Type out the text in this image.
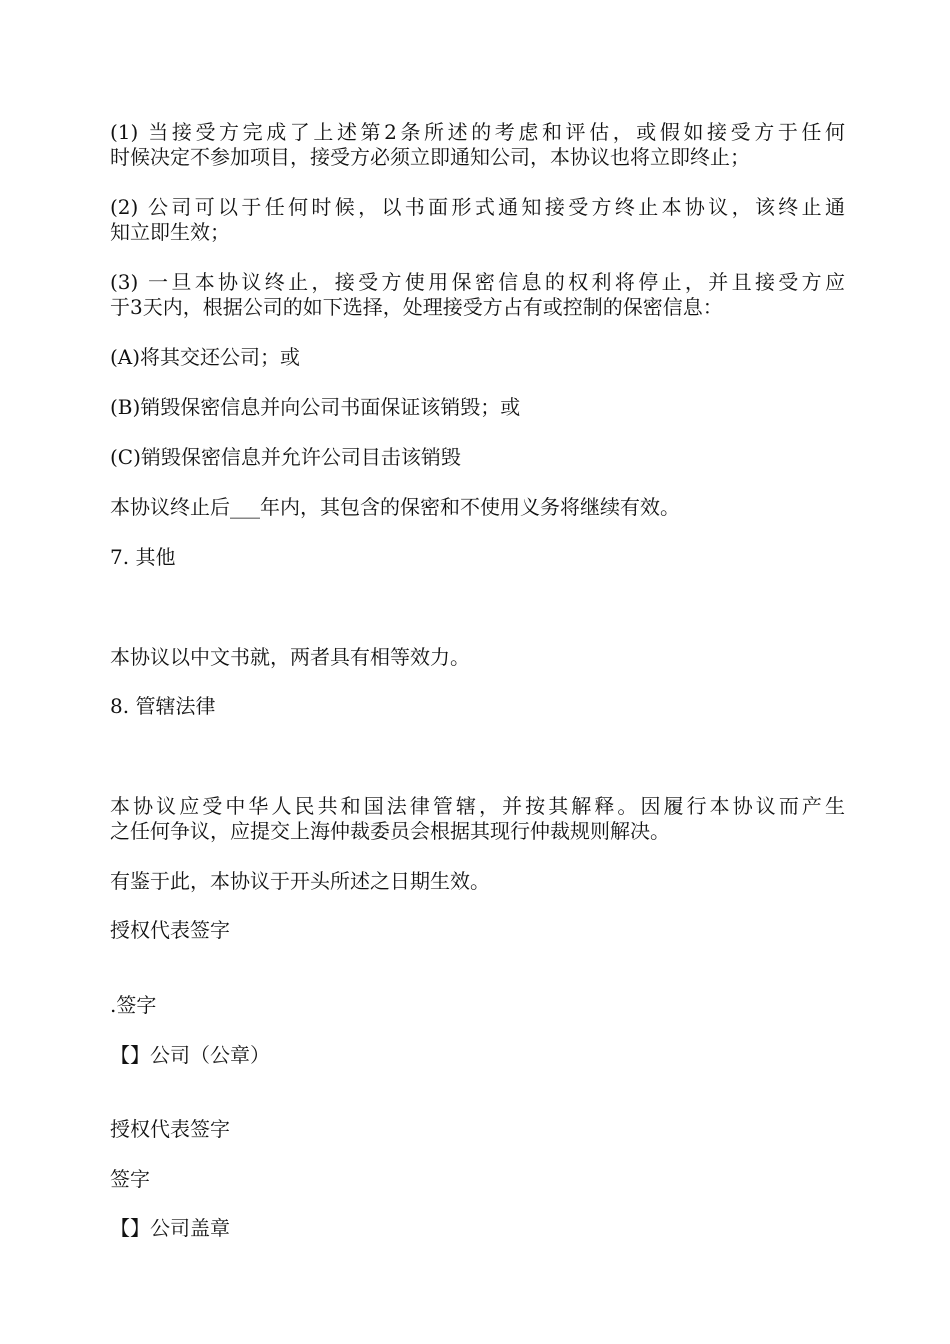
(1) 当接受方完成了上述第2条所述的考虑和评估，或假如接受方于任何
时候决定不参加项目，接受方必须立即通知公司，本协议也将立即终止；
(2) 公司可以于任何时候，以书面形式通知接受方终止本协议，该终止通
知立即生效；
(3) 一旦本协议终止，接受方使用保密信息的权利将停止，并且接受方应
于3天内，根据公司的如下选择，处理接受方占有或控制的保密信息：
(A)将其交还公司；或
(B)销毁保密信息并向公司书面保证该销毁；或
(C)销毁保密信息并允许公司目击该销毁
本协议终止后___年内，其包含的保密和不使用义务将继续有效。
7. 其他
本协议以中文书就，两者具有相等效力。
8. 管辖法律
本协议应受中华人民共和国法律管辖，并按其解释。因履行本协议而产生
之任何争议，应提交上海仲裁委员会根据其现行仲裁规则解决。
有鉴于此，本协议于开头所述之日期生效。
授权代表签字
.签字
【】公司（公章）
授权代表签字
签字
【】公司盖章
